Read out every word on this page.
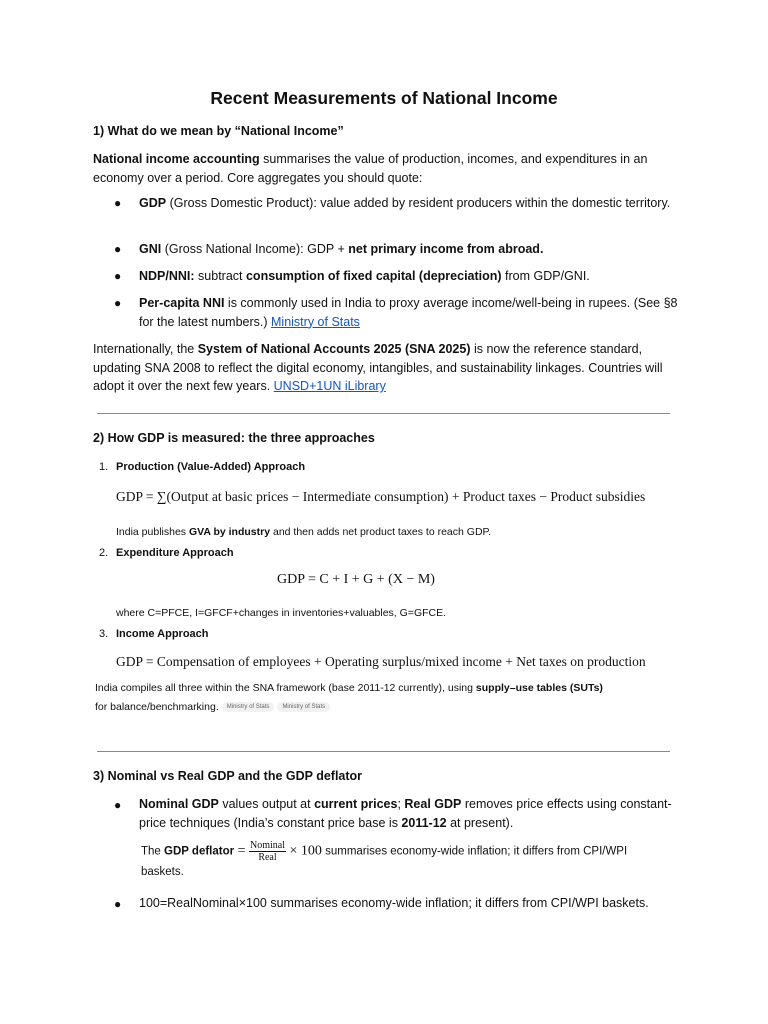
Recent Measurements of National Income
1) What do we mean by “National Income”
National income accounting summarises the value of production, incomes, and expenditures in an economy over a period. Core aggregates you should quote:
● GDP (Gross Domestic Product): value added by resident producers within the domestic territory.
● GNI (Gross National Income): GDP + net primary income from abroad.
● NDP/NNI: subtract consumption of fixed capital (depreciation) from GDP/GNI.
● Per-capita NNI is commonly used in India to proxy average income/well-being in rupees. (See §8 for the latest numbers.) Ministry of Stats
Internationally, the System of National Accounts 2025 (SNA 2025) is now the reference standard, updating SNA 2008 to reflect the digital economy, intangibles, and sustainability linkages. Countries will adopt it over the next few years. UNSD+1UN iLibrary
2) How GDP is measured: the three approaches
1. Production (Value-Added) Approach
GDP = ∑(Output at basic prices − Intermediate consumption) + Product taxes − Product subsidies
India publishes GVA by industry and then adds net product taxes to reach GDP.
2. Expenditure Approach
GDP = C + I + G + (X − M)
where C=PFCE, I=GFCF+changes in inventories+valuables, G=GFCE.
3. Income Approach
GDP = Compensation of employees + Operating surplus/mixed income + Net taxes on production
India compiles all three within the SNA framework (base 2011-12 currently), using supply–use tables (SUTs)
for balance/benchmarking. Ministry of Stats Ministry of Stats
3) Nominal vs Real GDP and the GDP deflator
● Nominal GDP values output at current prices; Real GDP removes price effects using constant-price techniques (India’s constant price base is 2011-12 at present).
The GDP deflator = $\frac{\text{Nominal}}{\text{Real}} \times 100$ summarises economy-wide inflation; it differs from CPI/WPI
baskets.
● 100=RealNominal×100 summarises economy-wide inflation; it differs from CPI/WPI baskets.
